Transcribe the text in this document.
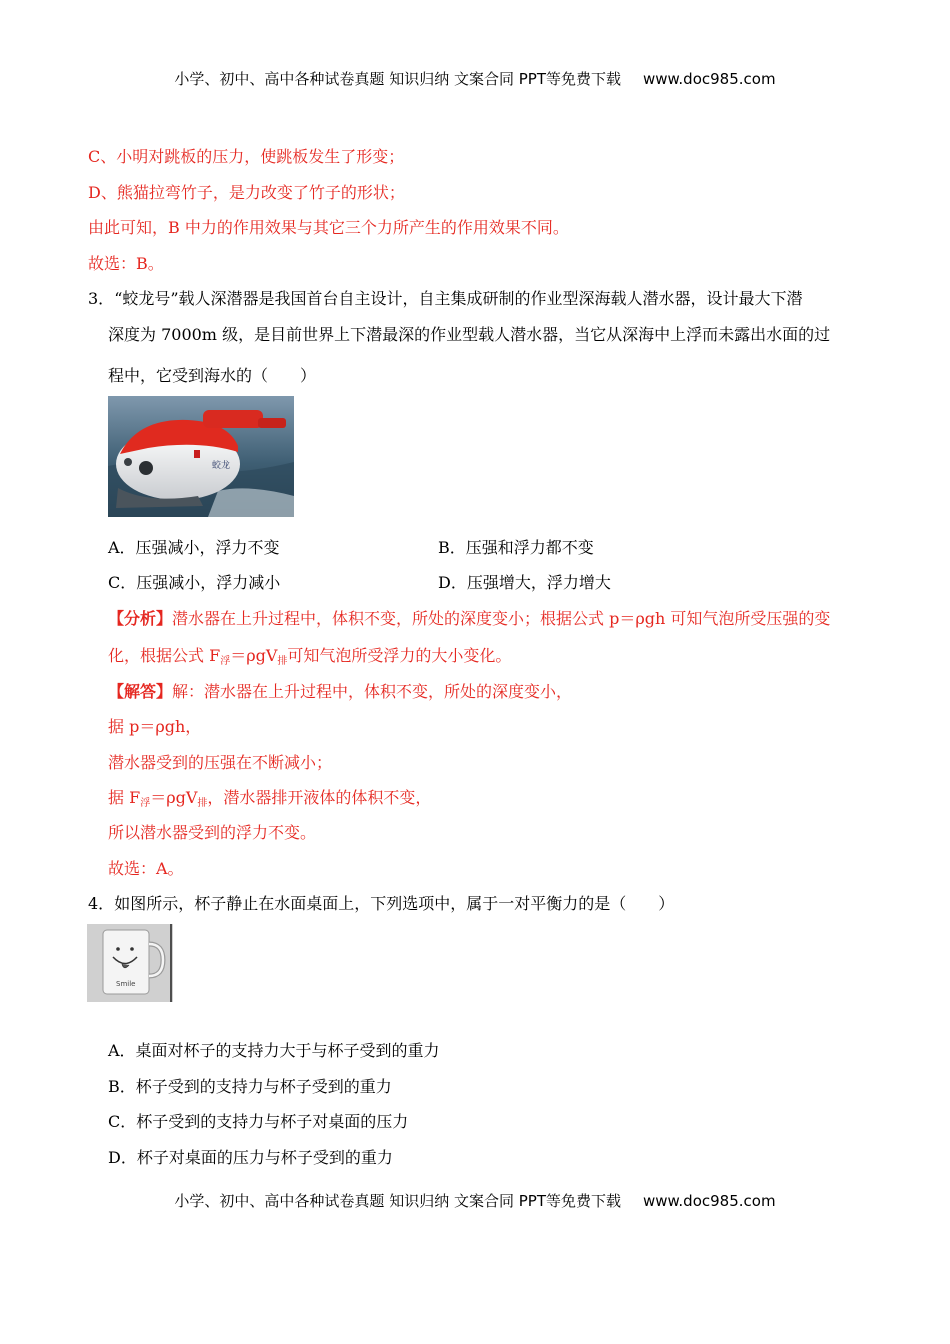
小学、初中、高中各种试卷真题 知识归纳 文案合同 PPT等免费下载 www.doc985.com
C、小明对跳板的压力，使跳板发生了形变；
D、熊猫拉弯竹子，是力改变了竹子的形状；
由此可知，B 中力的作用效果与其它三个力所产生的作用效果不同。
故选：B。
3．“蛟龙号”载人深潜器是我国首台自主设计，自主集成研制的作业型深海载人潜水器，设计最大下潜
深度为 7000m 级，是目前世界上下潜最深的作业型载人潜水器，当它从深海中上浮而未露出水面的过
程中，它受到海水的（　　）
蛟龙
A．压强减小，浮力不变	B．压强和浮力都不变
C．压强减小，浮力减小	D．压强增大，浮力增大
【分析】潜水器在上升过程中，体积不变，所处的深度变小；根据公式 p＝ρgh 可知气泡所受压强的变
化，根据公式 F浮＝ρgV排可知气泡所受浮力的大小变化。
【解答】解：潜水器在上升过程中，体积不变，所处的深度变小，
据 p＝ρgh，
潜水器受到的压强在不断减小；
据 F浮＝ρgV排，潜水器排开液体的体积不变，
所以潜水器受到的浮力不变。
故选：A。
4．如图所示，杯子静止在水面桌面上，下列选项中，属于一对平衡力的是（　　）
Smile
A．桌面对杯子的支持力大于与杯子受到的重力
B．杯子受到的支持力与杯子受到的重力
C．杯子受到的支持力与杯子对桌面的压力
D．杯子对桌面的压力与杯子受到的重力
小学、初中、高中各种试卷真题 知识归纳 文案合同 PPT等免费下载 www.doc985.com
